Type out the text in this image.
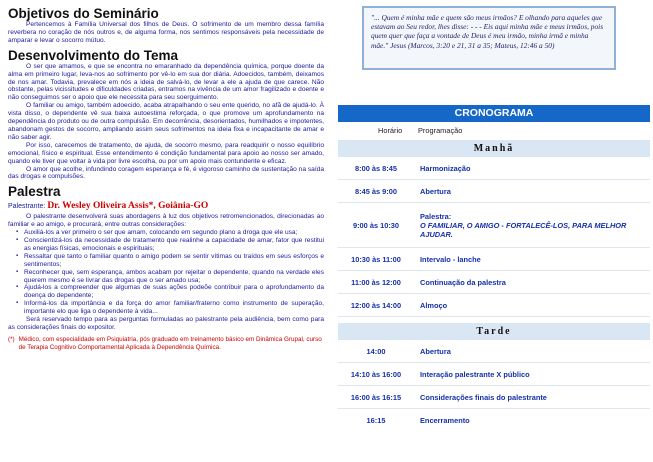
Objetivos do Seminário

Pertencemos à Família Universal dos filhos de Deus. O sofrimento de um membro dessa família reverbera no coração de nós outros e, de alguma forma, nos sentimos responsáveis pela necessidade de amparar e levar o socorro mútuo.

Desenvolvimento do Tema

O ser que amamos, e que se encontra no emaranhado da dependência química, porque doente da alma em primeiro lugar, leva-nos ao sofrimento por vê-lo em sua dor diária. Adoecidos, também, deixamos de nos amar. Todavia, prevalece em nós a ideia de salvá-lo, de levar a ele a ajuda de que carece. Não obstante, pelas vicissitudes e dificuldades criadas, entramos na vivência de um amor fragilizado e doente e não conseguimos ser o apoio que ele necessita para seu soerguimento.

O familiar ou amigo, também adoecido, acaba atrapalhando o seu ente querido, no afã de ajudá-lo. À vista disso, o dependente vê sua baixa autoestima reforçada, o que promove um aprofundamento na dependência do produto ou de outra compulsão. Em decorrência, desorientados, humilhados e impotentes, abandonam gestos de socorro, ampliando assim seus sofrimentos na ideia fixa e incapacitante de amar e não saber agir.

Por isso, carecemos de tratamento, de ajuda, de socorro mesmo, para readquirir o nosso equilíbrio emocional, físico e espiritual. Esse entendimento é condição fundamental para apoio ao nosso ser amado, quando ele tiver que voltar à vida por livre escolha, ou por um apoio mais contundente e eficaz.

O amor que acolhe, infundindo coragem esperança e fé, é vigoroso caminho de sustentação na saída das drogas e compulsões.

Palestra
Palestrante: Dr. Wesley Oliveira Assis*, Goiânia-GO

O palestrante desenvolverá suas abordagens à luz dos objetivos retromencionados, direcionadas ao familiar e ao amigo, e procurará, entre outras considerações:

▪ Auxiliá-los a ver primeiro o ser que amam, colocando em segundo plano a droga que ele usa;
▪ Conscientizá-los da necessidade de tratamento que realinhe a capacidade de amar, fator que restitui as energias físicas, emocionais e espirituais;
▪ Ressaltar que tanto o familiar quanto o amigo podem se sentir vítimas ou traídos em seus esforços e sentimentos;
▪ Reconhecer que, sem esperança, ambos acabam por rejeitar o dependente, quando na verdade eles querem mesmo é se livrar das drogas que o ser amado usa;
▪ Ajudá-los a compreender que algumas de suas ações podeõe contribuir para o aprofundamento da doença do dependente;
▪ Informá-los da importância e da força do amor familiar/fraterno como instrumento de superação, importante elo que liga o dependente à vida...

Será reservado tempo para as perguntas formuladas ao palestrante pela audiência, bem como para as considerações finais do expositor.

(*) Médico, com especialidade em Psiquiatria, pós graduado em treinamento básico em Dinâmica Grupal, curso de Terapia Cognitivo Comportamental Aplicada à Dependência Química.
"... Quem é minha mãe e quem são meus irmãos? E olhando para aqueles que estavam ao Seu redor, lhes disse: - - - Eis aqui minha mãe e meus irmãos, pois quem quer que faça a vontade de Deus é meu irmão, minha irmã e minha mãe." Jesus (Marcos, 3:20 e 21, 31 a 35; Mateus, 12:46 a 50)
CRONOGRAMA
Horário	Programação
Manhã
8:00 às 8:45	Harmonização
8:45 às 9:00	Abertura
9:00 às 10:30
Palestra:
O FAMILIAR, O AMIGO - FORTALECÊ-LOS, PARA MELHOR AJUDAR.
10:30 às 11:00	Intervalo - lanche
11:00 às 12:00	Continuação da palestra
12:00 às 14:00	Almoço
Tarde
14:00	Abertura
14:10 às 16:00	Interação palestrante X público
16:00 às 16:15	Considerações finais do palestrante
16:15	Encerramento
